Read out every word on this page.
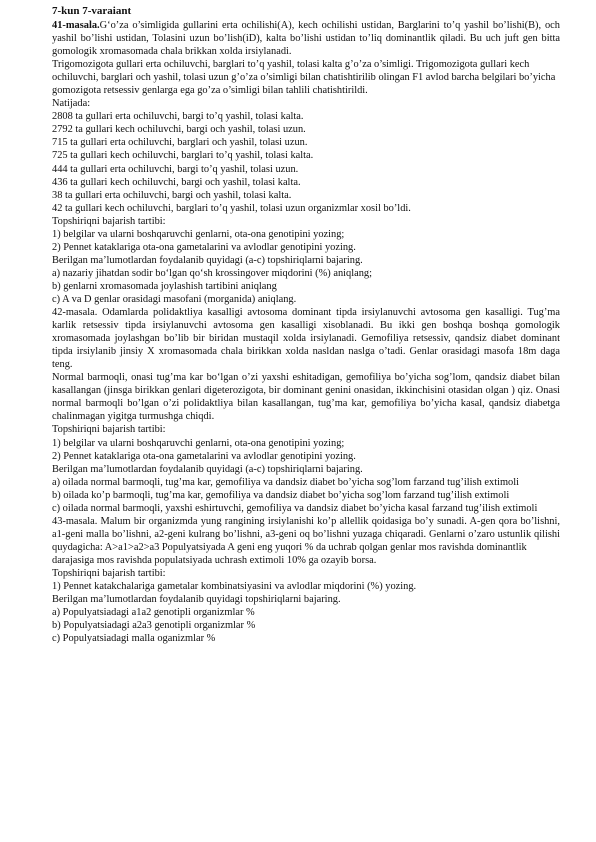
7-kun 7-varaiant

41-masala.G‘o’za o’simligida gullarini erta ochilishi(A), kech ochilishi ustidan, Barglarini to’q yashil bo’lishi(B), och yashil bo’lishi ustidan, Tolasini uzun bo’lish(iD), kalta bo’lishi ustidan to’liq dominantlik qiladi. Bu uch juft gen bitta gomologik xromasomada chala brikkan xolda irsiylanadi.

Trigomozigota gullari erta ochiluvchi, barglari to’q yashil, tolasi kalta g’o’za o’simligi. Trigomozigota gullari kech ochiluvchi, barglari och yashil, tolasi uzun g’o’za o’simligi bilan chatishtirilib olingan F1 avlod barcha belgilari bo’yicha gomozigota retsessiv genlarga ega go’za o’simligi bilan tahlili chatishtirildi.

Natijada:

2808 ta gullari erta ochiluvchi, bargi to’q yashil, tolasi kalta.

2792 ta gullari kech ochiluvchi, bargi och yashil, tolasi uzun.

715 ta gullari erta ochiluvchi, barglari och yashil, tolasi uzun.

725 ta gullari kech ochiluvchi, barglari to’q yashil, tolasi kalta.

444 ta gullari erta ochiluvchi, bargi to’q yashil, tolasi uzun.

436 ta gullari kech ochiluvchi, bargi och yashil, tolasi kalta.

38 ta gullari erta ochiluvchi, bargi och yashil, tolasi kalta.

42 ta gullari kech ochiluvchi, barglari to’q yashil, tolasi uzun organizmlar xosil bo’ldi.

Topshiriqni bajarish tartibi:

1) belgilar va ularni boshqaruvchi genlarni, ota-ona genotipini yozing;

2) Pennet kataklariga ota-ona gametalarini va avlodlar genotipini yozing.

Berilgan ma’lumotlardan foydalanib quyidagi (a-c) topshiriqlarni bajaring.

a) nazariy jihatdan sodir bo‘lgan qo‘sh krossingover miqdorini (%) aniqlang;

b) genlarni xromasomada joylashish tartibini aniqlang

c) A va D genlar orasidagi masofani (morganida) aniqlang.

42-masala. Odamlarda polidaktliya kasalligi avtosoma dominant tipda irsiylanuvchi avtosoma gen kasalligi. Tug’ma karlik retsessiv tipda irsiylanuvchi avtosoma gen kasalligi xisoblanadi. Bu ikki gen boshqa boshqa gomologik xromasomada joylashgan bo’lib bir biridan mustaqil xolda irsiylanadi. Gemofiliya retsessiv, qandsiz diabet dominant tipda irsiylanib jinsiy X xromasomada chala birikkan xolda nasldan naslga o’tadi. Genlar orasidagi masofa 18m daga teng.

Normal barmoqli, onasi tug’ma kar bo‘lgan o’zi yaxshi eshitadigan, gemofiliya bo’yicha sog’lom, qandsiz diabet bilan kasallangan (jinsga birikkan genlari digeterozigota, bir dominant genini onasidan, ikkinchisini otasidan olgan ) qiz. Onasi normal barmoqli bo’lgan o’zi polidaktliya bilan kasallangan, tug’ma kar, gemofiliya bo’yicha kasal, qandsiz diabetga chalinmagan yigitga turmushga chiqdi.

Topshiriqni bajarish tartibi:

1) belgilar va ularni boshqaruvchi genlarni, ota-ona genotipini yozing;

2) Pennet kataklariga ota-ona gametalarini va avlodlar genotipini yozing.

Berilgan ma’lumotlardan foydalanib quyidagi (a-c) topshiriqlarni bajaring.

a) oilada normal barmoqli, tug’ma kar, gemofiliya va dandsiz diabet bo’yicha sog’lom farzand tug’ilish extimoli

b) oilada ko’p barmoqli, tug’ma kar, gemofiliya va dandsiz diabet bo’yicha sog’lom farzand tug’ilish extimoli

c) oilada normal barmoqli, yaxshi eshirtuvchi, gemofiliya va dandsiz diabet bo’yicha kasal farzand tug’ilish extimoli

43-masala. Malum bir organizmda yung rangining irsiylanishi ko’p allellik qoidasiga bo’y sunadi. A-gen qora bo’lishni, a1-geni malla bo’lishni, a2-geni kulrang bo’lishni, a3-geni oq bo’lishni yuzaga chiqaradi. Genlarni o’zaro ustunlik qilishi quydagicha: A>a1>a2>a3 Populyatsiyada A geni eng yuqori % da uchrab qolgan genlar mos ravishda dominantlik

darajasiga mos ravishda populatsiyada uchrash extimoli 10% ga ozayib borsa.

Topshiriqni bajarish tartibi:

1) Pennet katakchalariga gametalar kombinatsiyasini va avlodlar miqdorini (%) yozing.

Berilgan ma’lumotlardan foydalanib quyidagi topshiriqlarni bajaring.

a) Populyatsiadagi a1a2 genotipli organizmlar %

b) Populyatsiadagi a2a3 genotipli organizmlar %

c) Populyatsiadagi malla oganizmlar %
